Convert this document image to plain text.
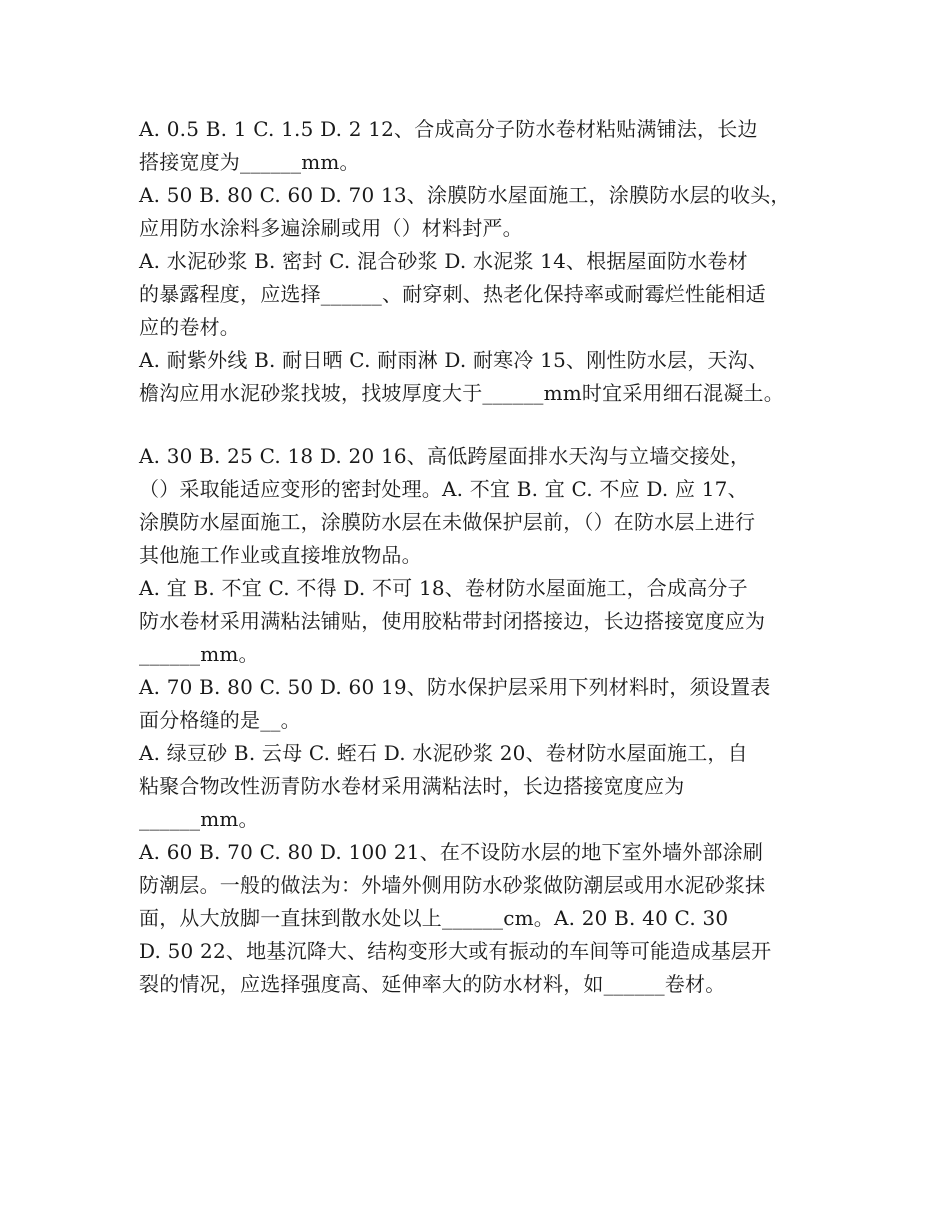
A. 0.5 B. 1 C. 1.5 D. 2 12、合成高分子防水卷材粘贴满铺法，长边
搭接宽度为______mm。
A. 50 B. 80 C. 60 D. 70 13、涂膜防水屋面施工，涂膜防水层的收头，
应用防水涂料多遍涂刷或用（）材料封严。
A. 水泥砂浆 B. 密封 C. 混合砂浆 D. 水泥浆 14、根据屋面防水卷材
的暴露程度，应选择______、耐穿刺、热老化保持率或耐霉烂性能相适
应的卷材。
A. 耐紫外线 B. 耐日晒 C. 耐雨淋 D. 耐寒冷 15、刚性防水层，天沟、
檐沟应用水泥砂浆找坡，找坡厚度大于______mm时宜采用细石混凝土。
A. 30 B. 25 C. 18 D. 20 16、高低跨屋面排水天沟与立墙交接处，
（）采取能适应变形的密封处理。A. 不宜 B. 宜 C. 不应 D. 应 17、
涂膜防水屋面施工，涂膜防水层在未做保护层前，（）在防水层上进行
其他施工作业或直接堆放物品。
A. 宜 B. 不宜 C. 不得 D. 不可 18、卷材防水屋面施工，合成高分子
防水卷材采用满粘法铺贴，使用胶粘带封闭搭接边，长边搭接宽度应为
______mm。
A. 70 B. 80 C. 50 D. 60 19、防水保护层采用下列材料时，须设置表
面分格缝的是__。
A. 绿豆砂 B. 云母 C. 蛭石 D. 水泥砂浆 20、卷材防水屋面施工，自
粘聚合物改性沥青防水卷材采用满粘法时，长边搭接宽度应为
______mm。
A. 60 B. 70 C. 80 D. 100 21、在不设防水层的地下室外墙外部涂刷
防潮层。一般的做法为：外墙外侧用防水砂浆做防潮层或用水泥砂浆抹
面，从大放脚一直抹到散水处以上______cm。A. 20 B. 40 C. 30
D. 50 22、地基沉降大、结构变形大或有振动的车间等可能造成基层开
裂的情况，应选择强度高、延伸率大的防水材料，如______卷材。
